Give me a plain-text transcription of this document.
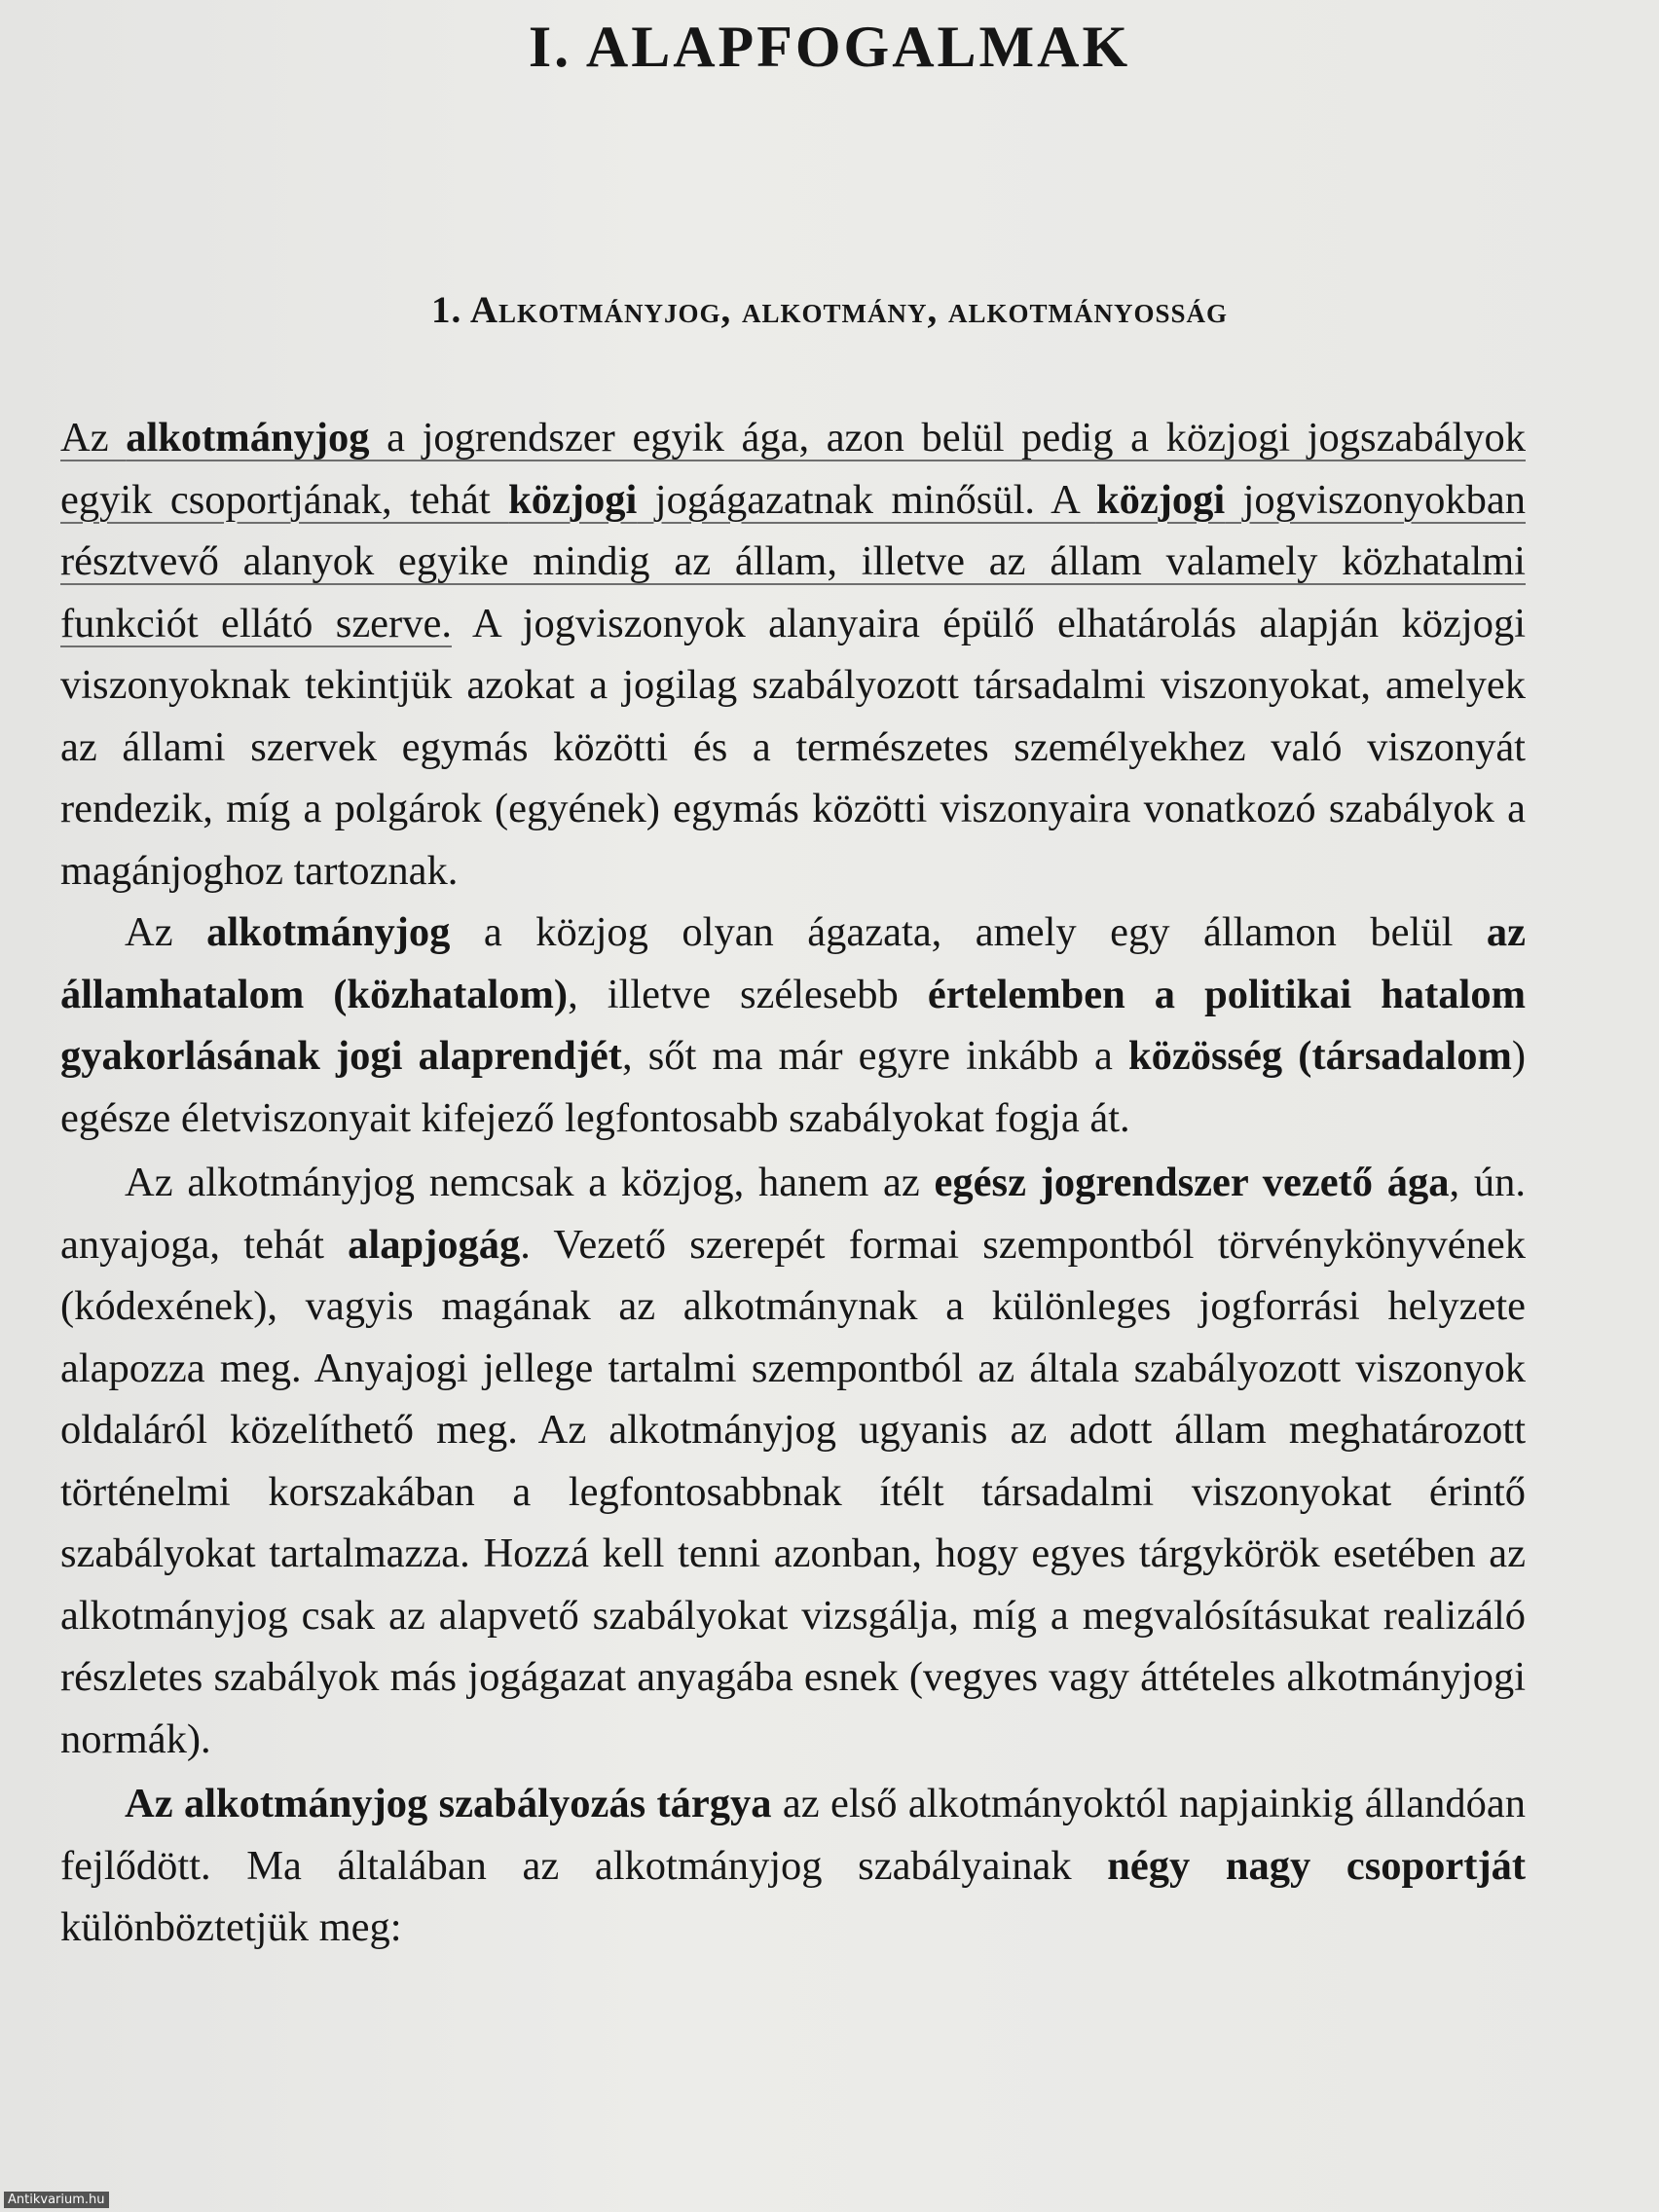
I. ALAPFOGALMAK
1. Alkotmányjog, alkotmány, alkotmányosság

Az alkotmányjog a jogrendszer egyik ága, azon belül pedig a közjogi jogszabályok egyik csoportjának, tehát közjogi jogágazatnak minősül. A közjogi jogviszonyokban résztvevő alanyok egyike mindig az állam, illetve az állam valamely közhatalmi funkciót ellátó szerve. A jogviszonyok alanyaira épülő elhatárolás alapján közjogi viszonyoknak tekintjük azokat a jogilag szabályozott társadalmi viszonyokat, amelyek az állami szervek egymás közötti és a természetes személyekhez való viszonyát rendezik, míg a polgárok (egyének) egymás közötti viszonyaira vonatkozó szabályok a magánjoghoz tartoznak.

Az alkotmányjog a közjog olyan ágazata, amely egy államon belül az államhatalom (közhatalom), illetve szélesebb értelemben a politikai hatalom gyakorlásának jogi alaprendjét, sőt ma már egyre inkább a közösség (társadalom) egésze életviszonyait kifejező legfontosabb szabályokat fogja át.

Az alkotmányjog nemcsak a közjog, hanem az egész jogrendszer vezető ága, ún. anyajoga, tehát alapjogág. Vezető szerepét formai szempontból törvénykönyvének (kódexének), vagyis magának az alkotmánynak a különleges jogforrási helyzete alapozza meg. Anyajogi jellege tartalmi szempontból az általa szabályozott viszonyok oldaláról közelíthető meg. Az alkotmányjog ugyanis az adott állam meghatározott történelmi korszakában a legfontosabbnak ítélt társadalmi viszonyokat érintő szabályokat tartalmazza. Hozzá kell tenni azonban, hogy egyes tárgykörök esetében az alkotmányjog csak az alapvető szabályokat vizsgálja, míg a megvalósításukat realizáló részletes szabályok más jogágazat anyagába esnek (vegyes vagy áttételes alkotmányjogi normák).

Az alkotmányjog szabályozás tárgya az első alkotmányoktól napjainkig állandóan fejlődött. Ma általában az alkotmányjog szabályainak négy nagy csoportját különböztetjük meg:

Antikvarium.hu
